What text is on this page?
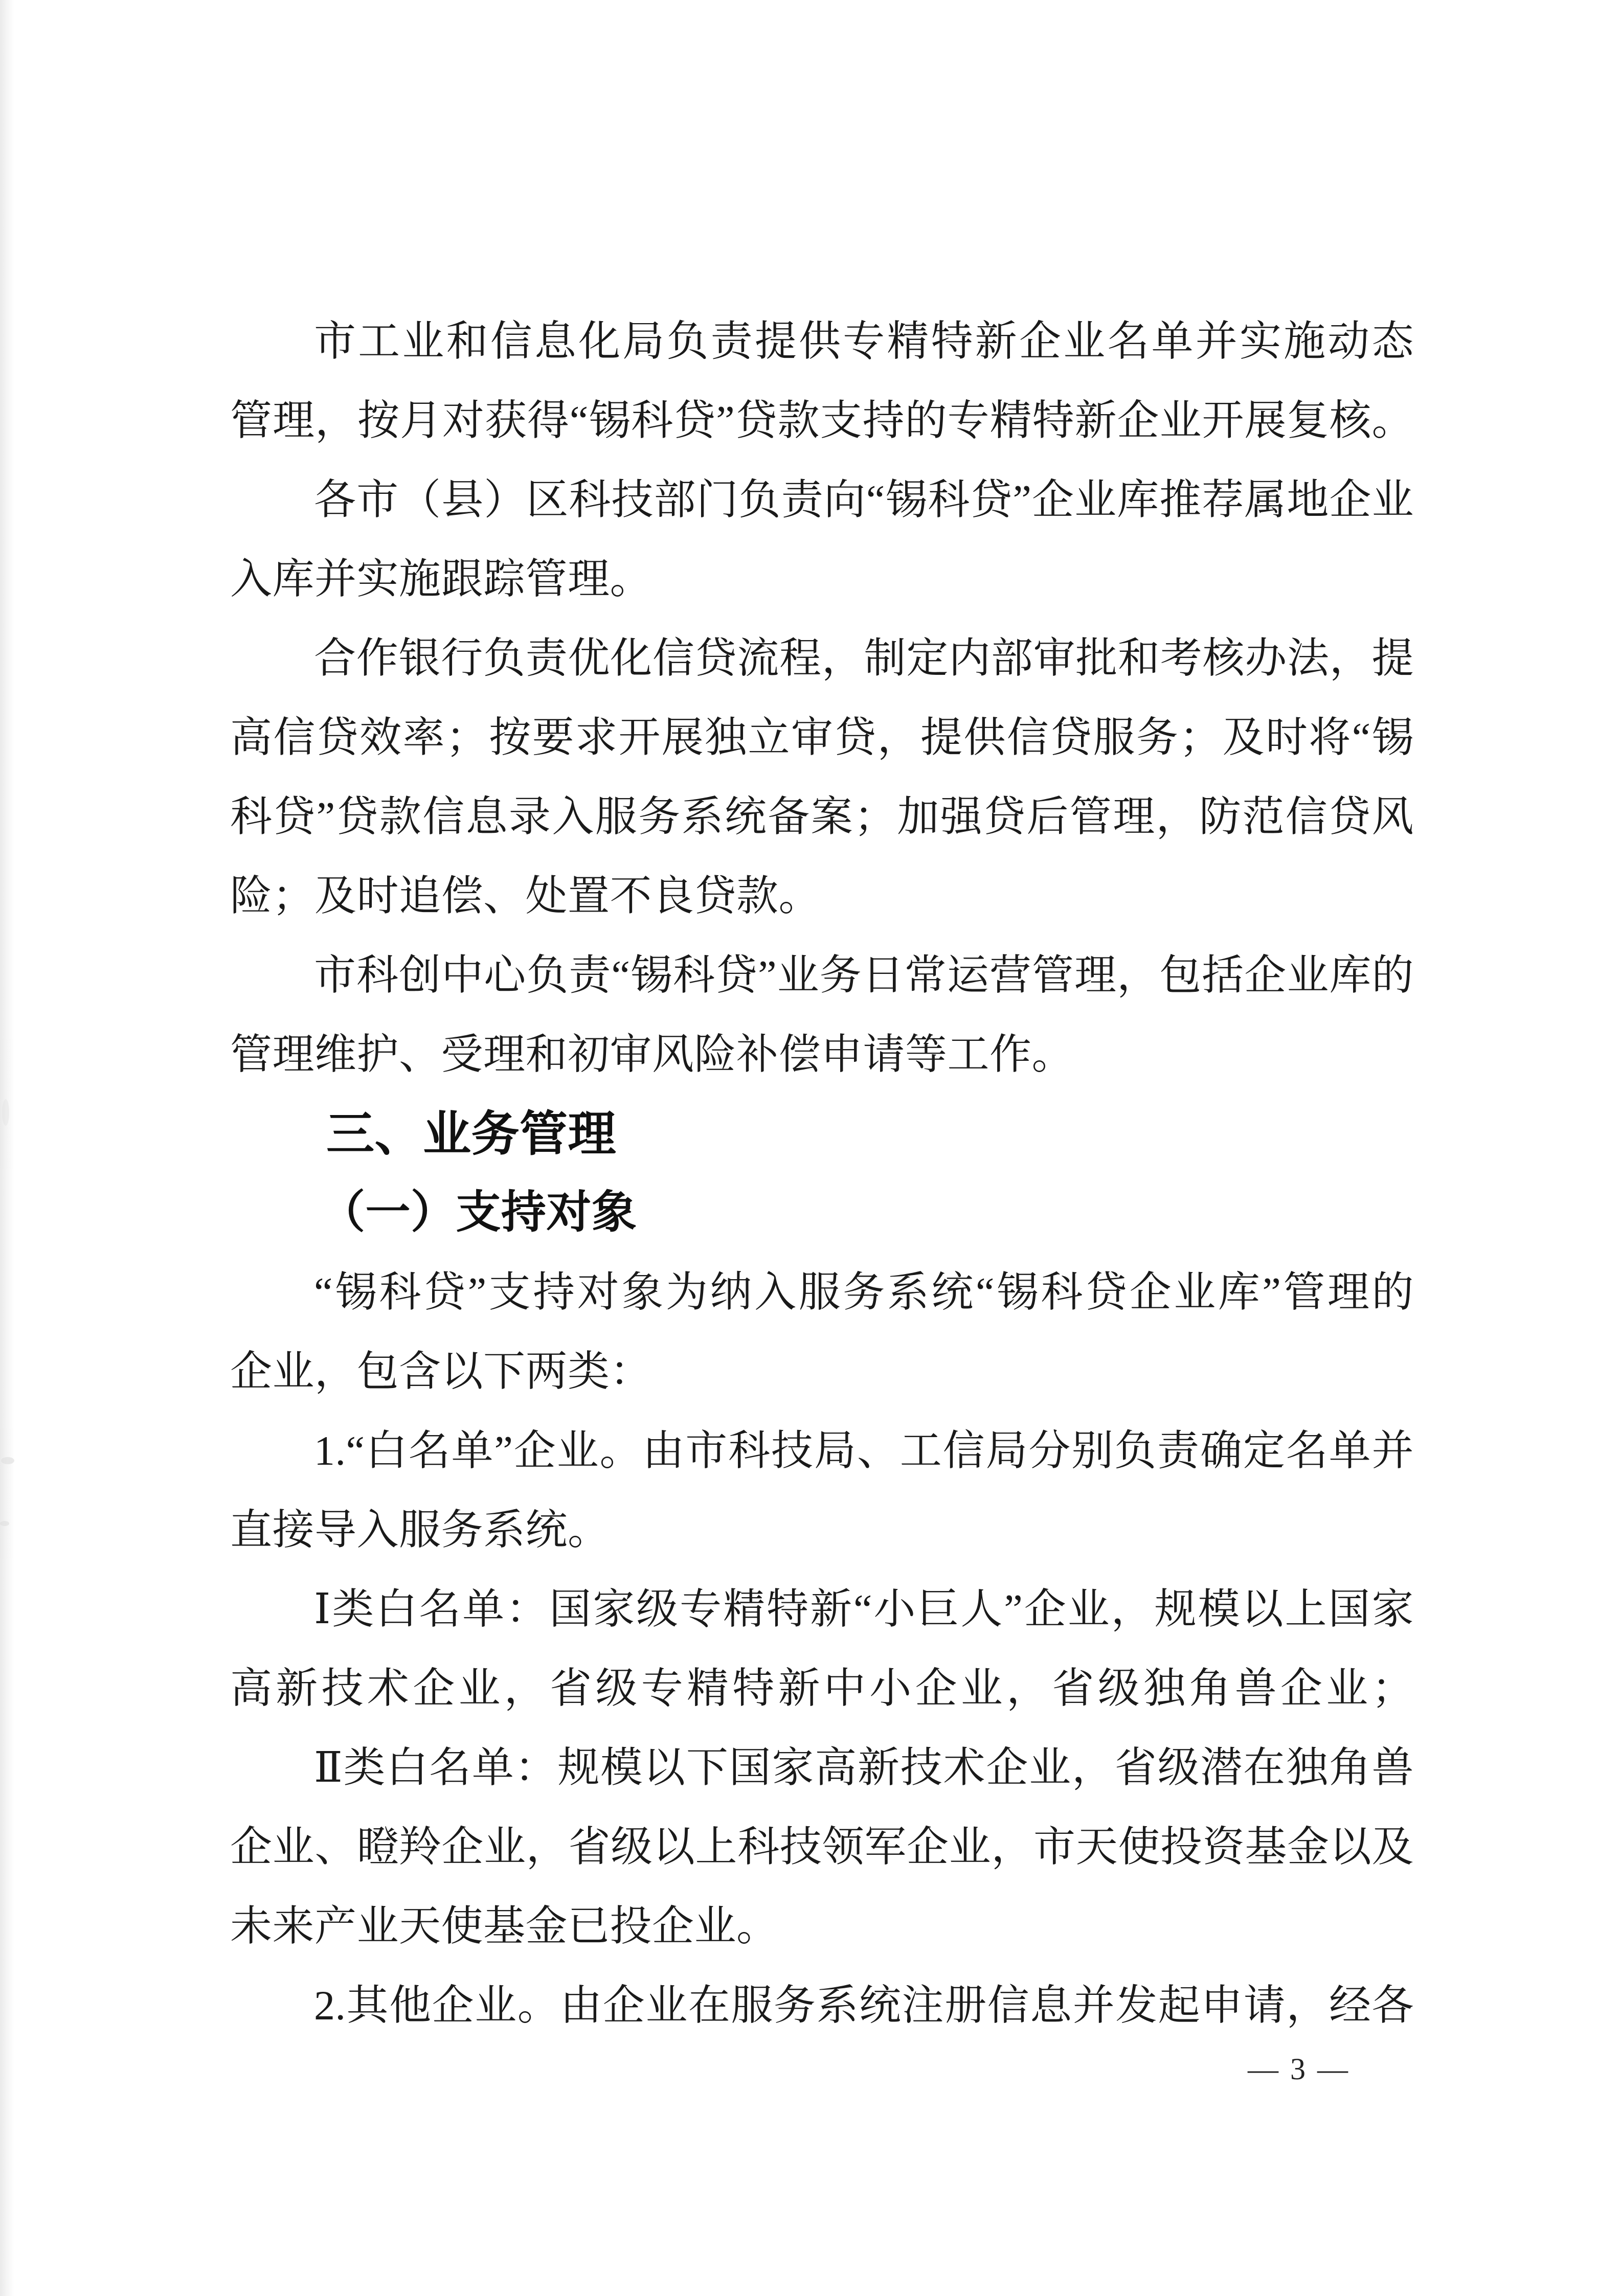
市工业和信息化局负责提供专精特新企业名单并实施动态
管理，按月对获得“锡科贷”贷款支持的专精特新企业开展复核。
各市（县）区科技部门负责向“锡科贷”企业库推荐属地企业
入库并实施跟踪管理。
合作银行负责优化信贷流程，制定内部审批和考核办法，提
高信贷效率；按要求开展独立审贷，提供信贷服务；及时将“锡
科贷”贷款信息录入服务系统备案；加强贷后管理，防范信贷风
险；及时追偿、处置不良贷款。
市科创中心负责“锡科贷”业务日常运营管理，包括企业库的
管理维护、受理和初审风险补偿申请等工作。
三、业务管理
（一）支持对象
“锡科贷”支持对象为纳入服务系统“锡科贷企业库”管理的
企业，包含以下两类：
1.“白名单”企业。由市科技局、工信局分别负责确定名单并
直接导入服务系统。
Ⅰ类白名单：国家级专精特新“小巨人”企业，规模以上国家
高新技术企业，省级专精特新中小企业，省级独角兽企业；
Ⅱ类白名单：规模以下国家高新技术企业，省级潜在独角兽
企业、瞪羚企业，省级以上科技领军企业，市天使投资基金以及
未来产业天使基金已投企业。
2.其他企业。由企业在服务系统注册信息并发起申请，经各
— 3 —
